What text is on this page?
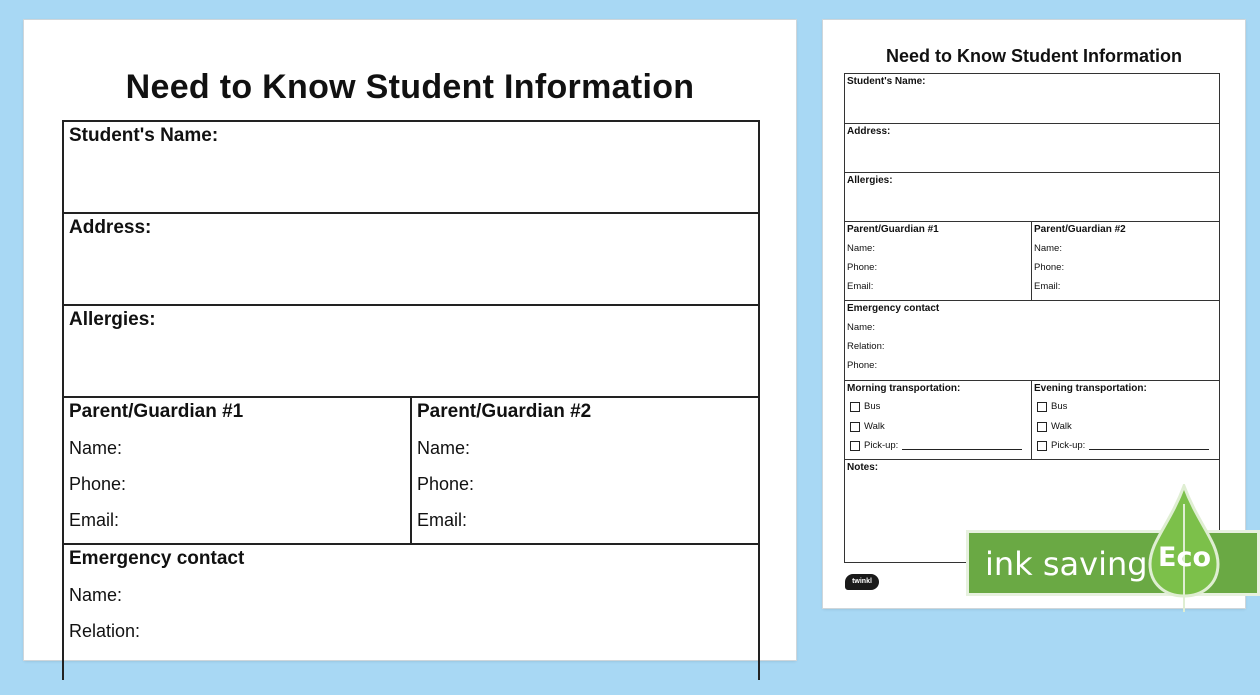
Need to Know Student Information
Student's Name:
Address:
Allergies:
Parent/Guardian #1
Name:
Phone:
Email:
Parent/Guardian #2
Name:
Phone:
Email:
Emergency contact
Name:
Relation:
Need to Know Student Information
Student's Name:
Address:
Allergies:
Parent/Guardian #1
Name:
Phone:
Email:
Parent/Guardian #2
Name:
Phone:
Email:
Emergency contact
Name:
Relation:
Phone:
Morning transportation:
Bus
Walk
Pick-up:
Evening transportation:
Bus
Walk
Pick-up:
Notes:
twinkl	ink saving Eco
